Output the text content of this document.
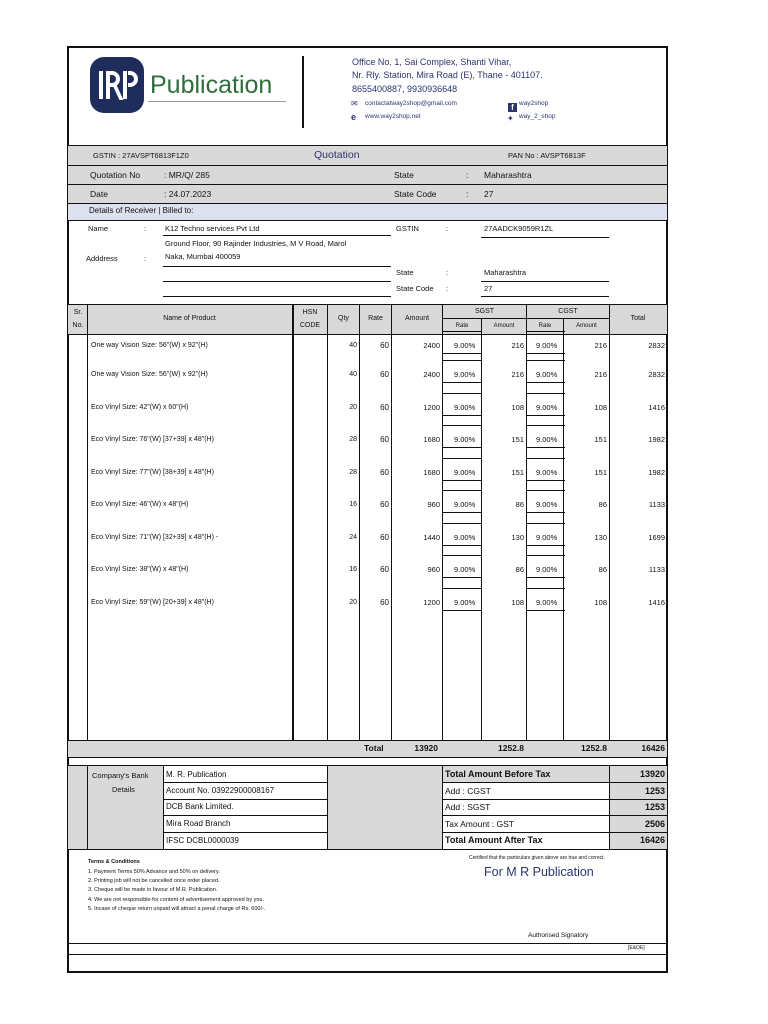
Publication
Office No. 1, Sai Complex, Shanti Vihar,
Nr. Rly. Station, Mira Road (E), Thane - 401107.
8655400887, 9930936648
✉ contactatway2shop@gmail.com
e www.way2shop.net
f way2shop
✦ way_2_shop
GSTIN : 27AVSPT6813F1Z0	Quotation	PAN No : AVSPT6813F
Quotation No	: MR/Q/ 285
Date	: 24.07.2023
State	: Maharashtra
State Code	: 27
Details of Receiver | Billed to:
Name	:	K12 Techno services Pvt Ltd
Ground Floor, 90 Rajinder Industries, M V Road, Marol
Adddress	:	Naka, Mumbai 400059
GSTIN	:	27AADCK9059R1ZL
State	:	Maharashtra
State Code :	27
Sr.
No.
Name of Product
HSN
CODE
Qty	Rate	Amount
SGST	CGST
Rate	Amount	Rate	Amount
Total
One way Vision Size: 56"(W) x 92"(H)	40	60	2400 9.00%	216 9.00%	216	2832
One way Vision Size: 56"(W) x 92"(H)	40	60	2400 9.00%	216 9.00%	216	2832
Eco Vinyl Size: 42"(W) x 60"(H)	20	60	1200 9.00%	108 9.00%	108	1416
Eco Vinyl Size: 76"(W) [37+39] x 48"(H)	28	60	1680 9.00%	151 9.00%	151	1982
Eco Vinyl Size: 77"(W) [38+39] x 48"(H)	28	60	1680 9.00%	151 9.00%	151	1982
Eco Vinyl Size: 46"(W) x 48"(H)	16	60	960 9.00%	86 9.00%	86	1133
Eco Vinyl Size: 71"(W) [32+39] x 48"(H) -	24	60	1440 9.00%	130 9.00%	130	1699
Eco Vinyl Size: 38"(W) x 48"(H)	16	60	960 9.00%	86 9.00%	86	1133
Eco Vinyl Size: 59"(W) [20+39] x 48"(H)	20	60	1200 9.00%	108 9.00%	108	1416
Total	13920	1252.8	1252.8	16426
Company's Bank
Details
M. R. Publication
Account No. 03922900008167
DCB Bank Limited.
Mira Road Branch
IFSC DCBL0000039
Total Amount Before Tax	13920
Add : CGST	1253
Add : SGST	1253
Tax Amount : GST	2506
Total Amount After Tax	16426
Terms & Conditions
1. Payment Terms 50% Advance and 50% on delivery.
2. Printing job will not be cancelled once order placed.
3. Cheque will be made in favour of M.R. Publication.
4. We are not responsible for content of advertisement approved by you.
5. Incase of cheque return unpaid will attract a penal charge of Rs. 600/-.
Certified that the particulars given above are true and correct.
For M R Publication
Authorised Signatory
[E&OE]
